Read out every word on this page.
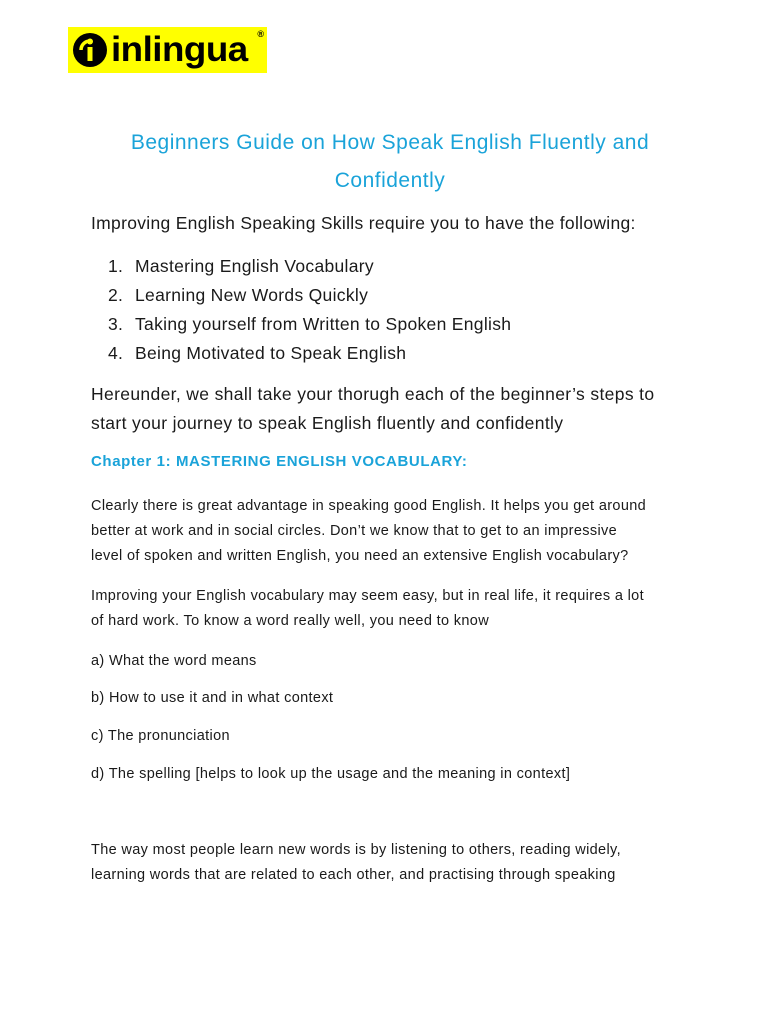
inlingua ®
Beginners Guide on How Speak English Fluently and
Confidently
Improving English Speaking Skills require you to have the following:
1. Mastering English Vocabulary
2. Learning New Words Quickly
3. Taking yourself from Written to Spoken English
4. Being Motivated to Speak English
Hereunder, we shall take your thorugh each of the beginner’s steps to
start your journey to speak English fluently and confidently
Chapter 1: MASTERING ENGLISH VOCABULARY:
Clearly there is great advantage in speaking good English. It helps you get around
better at work and in social circles. Don’t we know that to get to an impressive
level of spoken and written English, you need an extensive English vocabulary?
Improving your English vocabulary may seem easy, but in real life, it requires a lot
of hard work. To know a word really well, you need to know
a) What the word means
b) How to use it and in what context
c) The pronunciation
d) The spelling [helps to look up the usage and the meaning in context]
The way most people learn new words is by listening to others, reading widely,
learning words that are related to each other, and practising through speaking
